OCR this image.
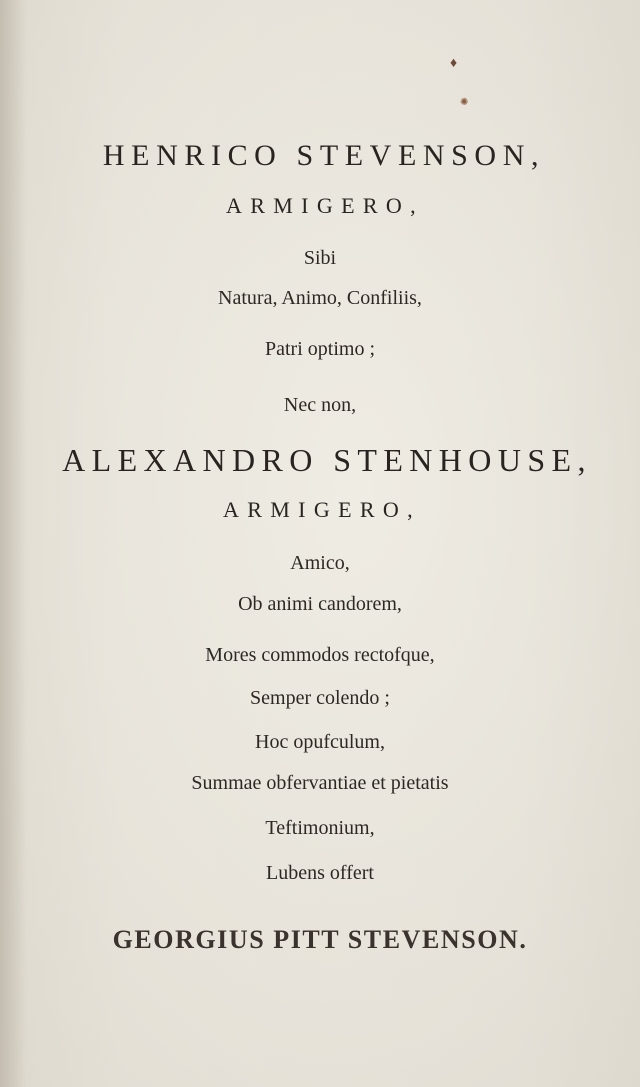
♦
✺
HENRICO STEVENSON,
ARMIGERO,
Sibi
Natura, Animo, Confiliis,
Patri optimo ;
Nec non,
ALEXANDRO STENHOUSE,
ARMIGERO,
Amico,
Ob animi candorem,
Mores commodos rectofque,
Semper colendo ;
Hoc opufculum,
Summae obfervantiae et pietatis
Teftimonium,
Lubens offert
GEORGIUS PITT STEVENSON.
